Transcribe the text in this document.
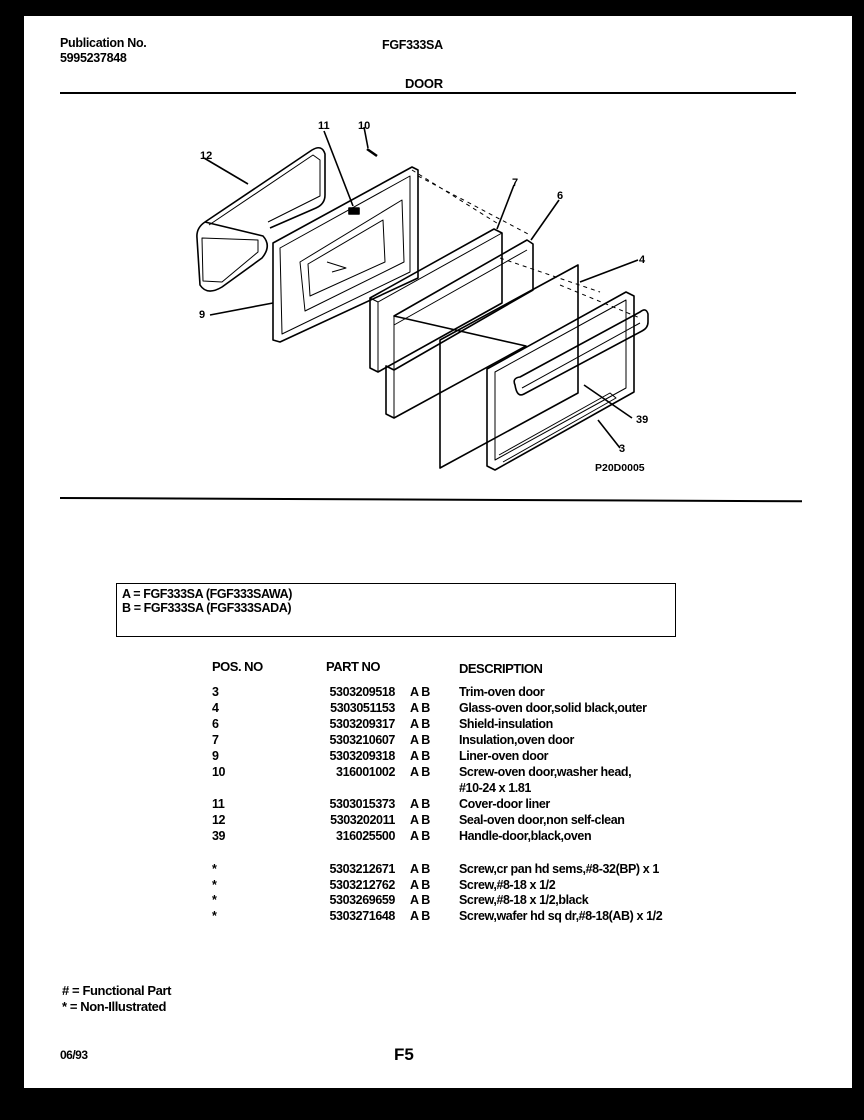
Publication No.
5995237848
FGF333SA
DOOR
12
11	10
7
6
4
9
39
3
P20D0005
A = FGF333SA (FGF333SAWA)
B = FGF333SA (FGF333SADA)
POS. NO	PART NO	DESCRIPTION
3	5303209518 A B Trim-oven door
4	5303051153 A B Glass-oven door,solid black,outer
6	5303209317 A B Shield-insulation
7	5303210607 A B Insulation,oven door
9	5303209318 A B Liner-oven door
10	316001002 A B Screw-oven door,washer head,
#10-24 x 1.81
11	5303015373 A B Cover-door liner
12	5303202011 A B Seal-oven door,non self-clean
39	316025500 A B Handle-door,black,oven
*	5303212671 A B Screw,cr pan hd sems,#8-32(BP) x 1
*	5303212762 A B Screw,#8-18 x 1/2
*	5303269659 A B Screw,#8-18 x 1/2,black
*	5303271648 A B Screw,wafer hd sq dr,#8-18(AB) x 1/2
# = Functional Part
* = Non-Illustrated
06/93	F5
